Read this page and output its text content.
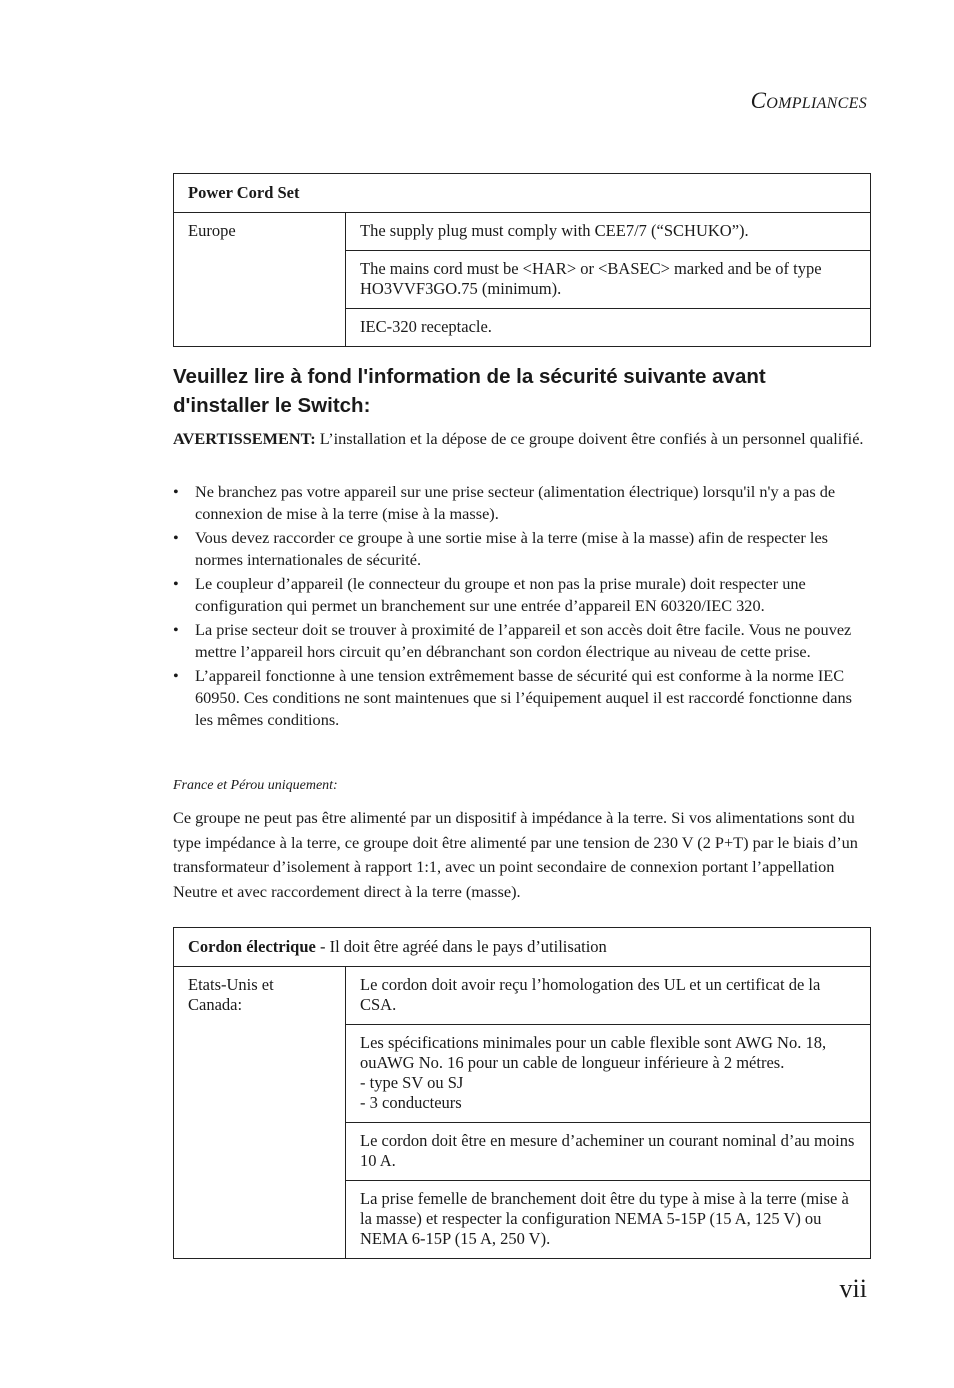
COMPLIANCES
Power Cord Set
Europe	The supply plug must comply with CEE7/7 (“SCHUKO”).
The mains cord must be <HAR> or <BASEC> marked and be of type HO3VVF3GO.75 (minimum).
IEC-320 receptacle.
Veuillez lire à fond l'information de la sécurité suivante avant d'installer le Switch:
AVERTISSEMENT: L’installation et la dépose de ce groupe doivent être confiés à un personnel qualifié.
• Ne branchez pas votre appareil sur une prise secteur (alimentation électrique) lorsqu'il n'y a pas de connexion de mise à la terre (mise à la masse).
• Vous devez raccorder ce groupe à une sortie mise à la terre (mise à la masse) afin de respecter les normes internationales de sécurité.
• Le coupleur d’appareil (le connecteur du groupe et non pas la prise murale) doit respecter une configuration qui permet un branchement sur une entrée d’appareil EN 60320/IEC 320.
• La prise secteur doit se trouver à proximité de l’appareil et son accès doit être facile. Vous ne pouvez mettre l’appareil hors circuit qu’en débranchant son cordon électrique au niveau de cette prise.
• L’appareil fonctionne à une tension extrêmement basse de sécurité qui est conforme à la norme IEC 60950. Ces conditions ne sont maintenues que si l’équipement auquel il est raccordé fonctionne dans les mêmes conditions.
France et Pérou uniquement:
Ce groupe ne peut pas être alimenté par un dispositif à impédance à la terre. Si vos alimentations sont du type impédance à la terre, ce groupe doit être alimenté par une tension de 230 V (2 P+T) par le biais d’un transformateur d’isolement à rapport 1:1, avec un point secondaire de connexion portant l’appellation Neutre et avec raccordement direct à la terre (masse).
Cordon électrique - Il doit être agréé dans le pays d’utilisation
Etats-Unis et Canada:	Le cordon doit avoir reçu l’homologation des UL et un certificat de la CSA.

Les spécifications minimales pour un cable flexible sont AWG No. 18, ouAWG No. 16 pour un cable de longueur inférieure à 2 métres.
- type SV ou SJ
- 3 conducteurs

Le cordon doit être en mesure d’acheminer un courant nominal d’au moins 10 A.
La prise femelle de branchement doit être du type à mise à la terre (mise à la masse) et respecter la configuration NEMA 5-15P (15 A, 125 V) ou NEMA 6-15P (15 A, 250 V).
vii
